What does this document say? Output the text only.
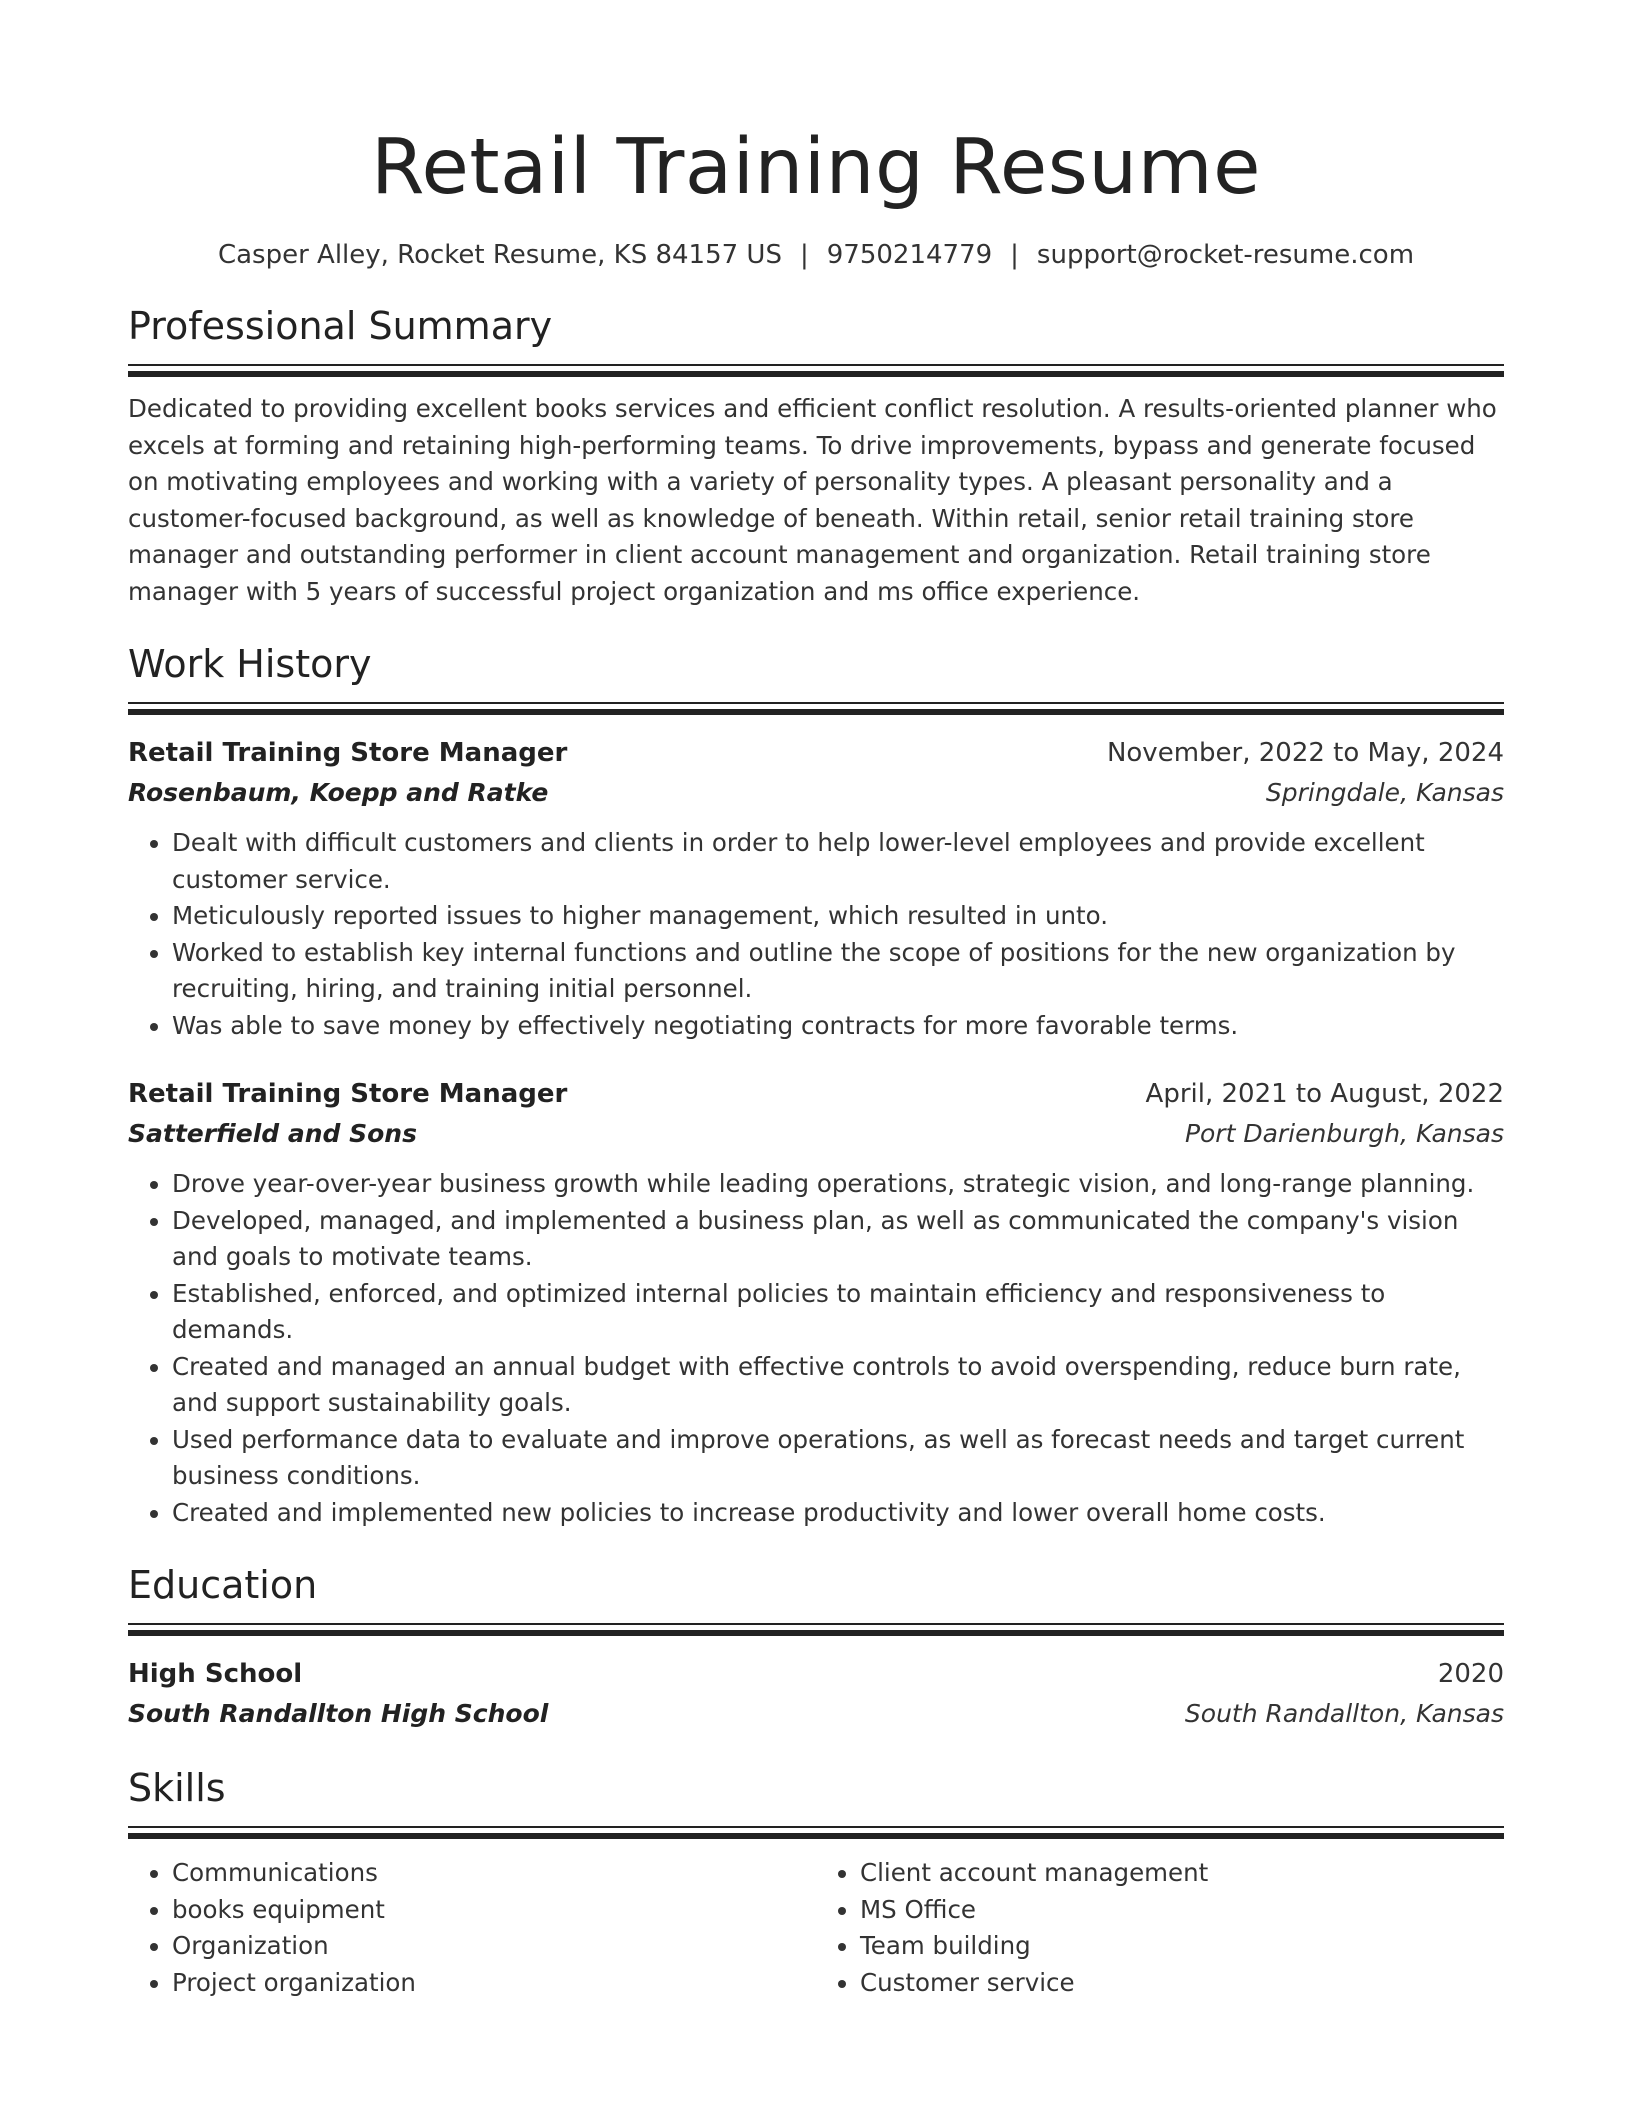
Retail Training Resume
Casper Alley, Rocket Resume, KS 84157 US | 9750214779 | support@rocket-resume.com
Professional Summary
Dedicated to providing excellent books services and efficient conflict resolution. A results-oriented planner who excels at forming and retaining high-performing teams. To drive improvements, bypass and generate focused on motivating employees and working with a variety of personality types. A pleasant personality and a customer-focused background, as well as knowledge of beneath. Within retail, senior retail training store manager and outstanding performer in client account management and organization. Retail training store manager with 5 years of successful project organization and ms office experience.
Work History
Retail Training Store Manager	November, 2022 to May, 2024
Rosenbaum, Koepp and Ratke	Springdale, Kansas
• Dealt with difficult customers and clients in order to help lower-level employees and provide excellent customer service.
• Meticulously reported issues to higher management, which resulted in unto.
• Worked to establish key internal functions and outline the scope of positions for the new organization by recruiting, hiring, and training initial personnel.
• Was able to save money by effectively negotiating contracts for more favorable terms.
Retail Training Store Manager	April, 2021 to August, 2022
Satterfield and Sons	Port Darienburgh, Kansas
• Drove year-over-year business growth while leading operations, strategic vision, and long-range planning.
• Developed, managed, and implemented a business plan, as well as communicated the company's vision and goals to motivate teams.
• Established, enforced, and optimized internal policies to maintain efficiency and responsiveness to demands.
• Created and managed an annual budget with effective controls to avoid overspending, reduce burn rate, and support sustainability goals.
• Used performance data to evaluate and improve operations, as well as forecast needs and target current business conditions.
• Created and implemented new policies to increase productivity and lower overall home costs.
Education
High School	2020
South Randallton High School	South Randallton, Kansas
Skills
• Communications
• books equipment
• Organization
• Project organization
• Client account management
• MS Office
• Team building
• Customer service
